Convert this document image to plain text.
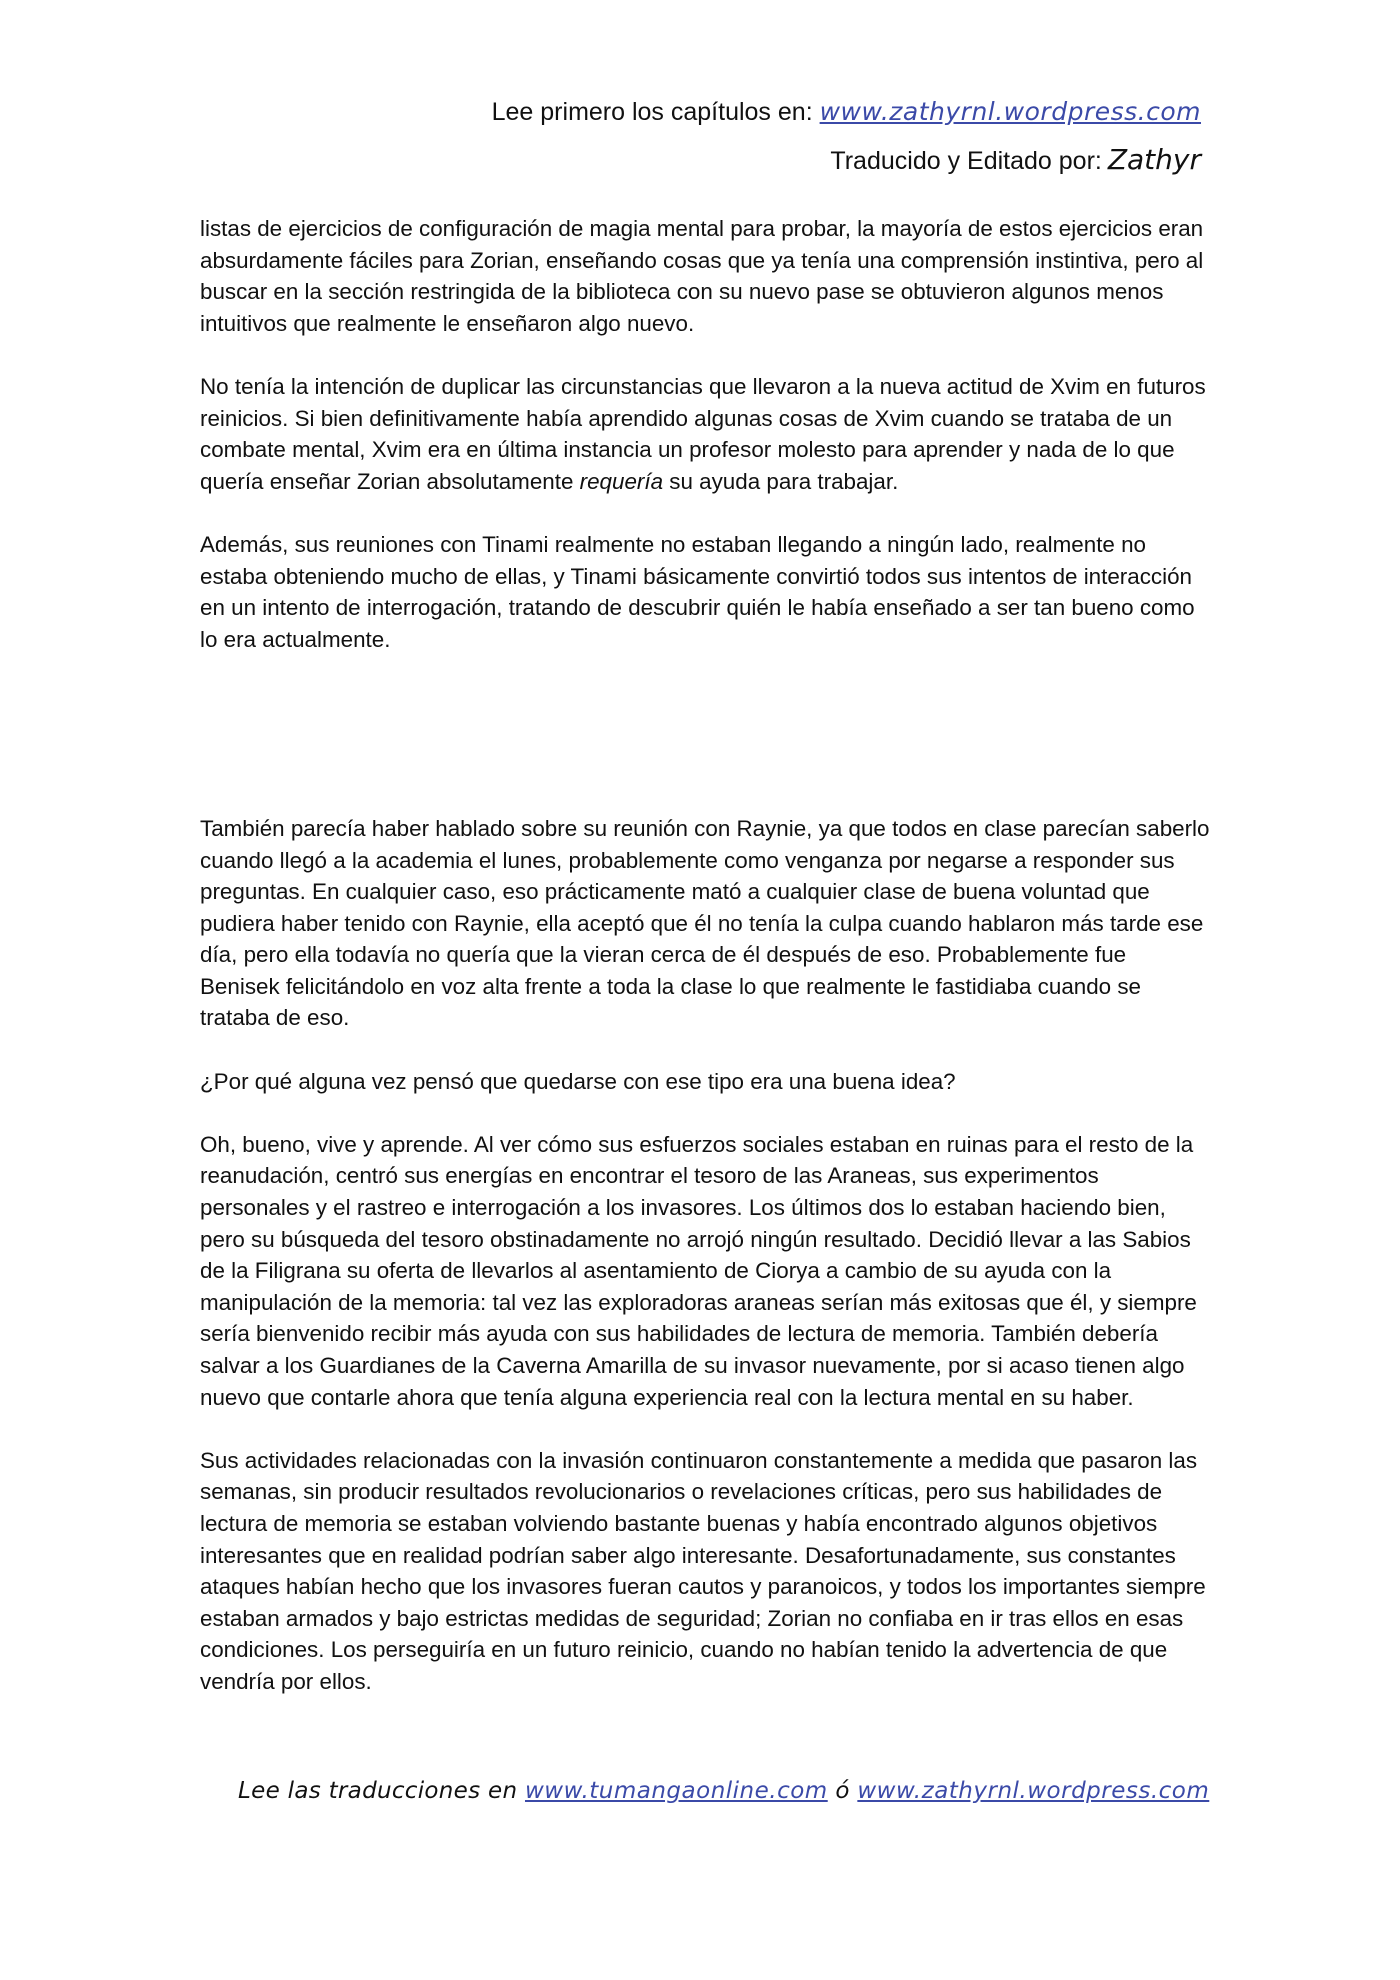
Lee primero los capítulos en: www.zathyrnl.wordpress.com
Traducido y Editado por: Zathyr

listas de ejercicios de configuración de magia mental para probar, la mayoría de estos ejercicios eran absurdamente fáciles para Zorian, enseñando cosas que ya tenía una comprensión instintiva, pero al buscar en la sección restringida de la biblioteca con su nuevo pase se obtuvieron algunos menos intuitivos que realmente le enseñaron algo nuevo.

No tenía la intención de duplicar las circunstancias que llevaron a la nueva actitud de Xvim en futuros reinicios. Si bien definitivamente había aprendido algunas cosas de Xvim cuando se trataba de un combate mental, Xvim era en última instancia un profesor molesto para aprender y nada de lo que quería enseñar Zorian absolutamente requería su ayuda para trabajar.

Además, sus reuniones con Tinami realmente no estaban llegando a ningún lado, realmente no estaba obteniendo mucho de ellas, y Tinami básicamente convirtió todos sus intentos de interacción en un intento de interrogación, tratando de descubrir quién le había enseñado a ser tan bueno como lo era actualmente.

También parecía haber hablado sobre su reunión con Raynie, ya que todos en clase parecían saberlo cuando llegó a la academia el lunes, probablemente como venganza por negarse a responder sus preguntas. En cualquier caso, eso prácticamente mató a cualquier clase de buena voluntad que pudiera haber tenido con Raynie, ella aceptó que él no tenía la culpa cuando hablaron más tarde ese día, pero ella todavía no quería que la vieran cerca de él después de eso. Probablemente fue Benisek felicitándolo en voz alta frente a toda la clase lo que realmente le fastidiaba cuando se trataba de eso.

¿Por qué alguna vez pensó que quedarse con ese tipo era una buena idea?

Oh, bueno, vive y aprende. Al ver cómo sus esfuerzos sociales estaban en ruinas para el resto de la reanudación, centró sus energías en encontrar el tesoro de las Araneas, sus experimentos personales y el rastreo e interrogación a los invasores. Los últimos dos lo estaban haciendo bien, pero su búsqueda del tesoro obstinadamente no arrojó ningún resultado. Decidió llevar a las Sabios de la Filigrana su oferta de llevarlos al asentamiento de Ciorya a cambio de su ayuda con la manipulación de la memoria: tal vez las exploradoras araneas serían más exitosas que él, y siempre sería bienvenido recibir más ayuda con sus habilidades de lectura de memoria. También debería salvar a los Guardianes de la Caverna Amarilla de su invasor nuevamente, por si acaso tienen algo nuevo que contarle ahora que tenía alguna experiencia real con la lectura mental en su haber.

Sus actividades relacionadas con la invasión continuaron constantemente a medida que pasaron las semanas, sin producir resultados revolucionarios o revelaciones críticas, pero sus habilidades de lectura de memoria se estaban volviendo bastante buenas y había encontrado algunos objetivos interesantes que en realidad podrían saber algo interesante. Desafortunadamente, sus constantes ataques habían hecho que los invasores fueran cautos y paranoicos, y todos los importantes siempre estaban armados y bajo estrictas medidas de seguridad; Zorian no confiaba en ir tras ellos en esas condiciones. Los perseguiría en un futuro reinicio, cuando no habían tenido la advertencia de que vendría por ellos.

Lee las traducciones en www.tumangaonline.com ó www.zathyrnl.wordpress.com
